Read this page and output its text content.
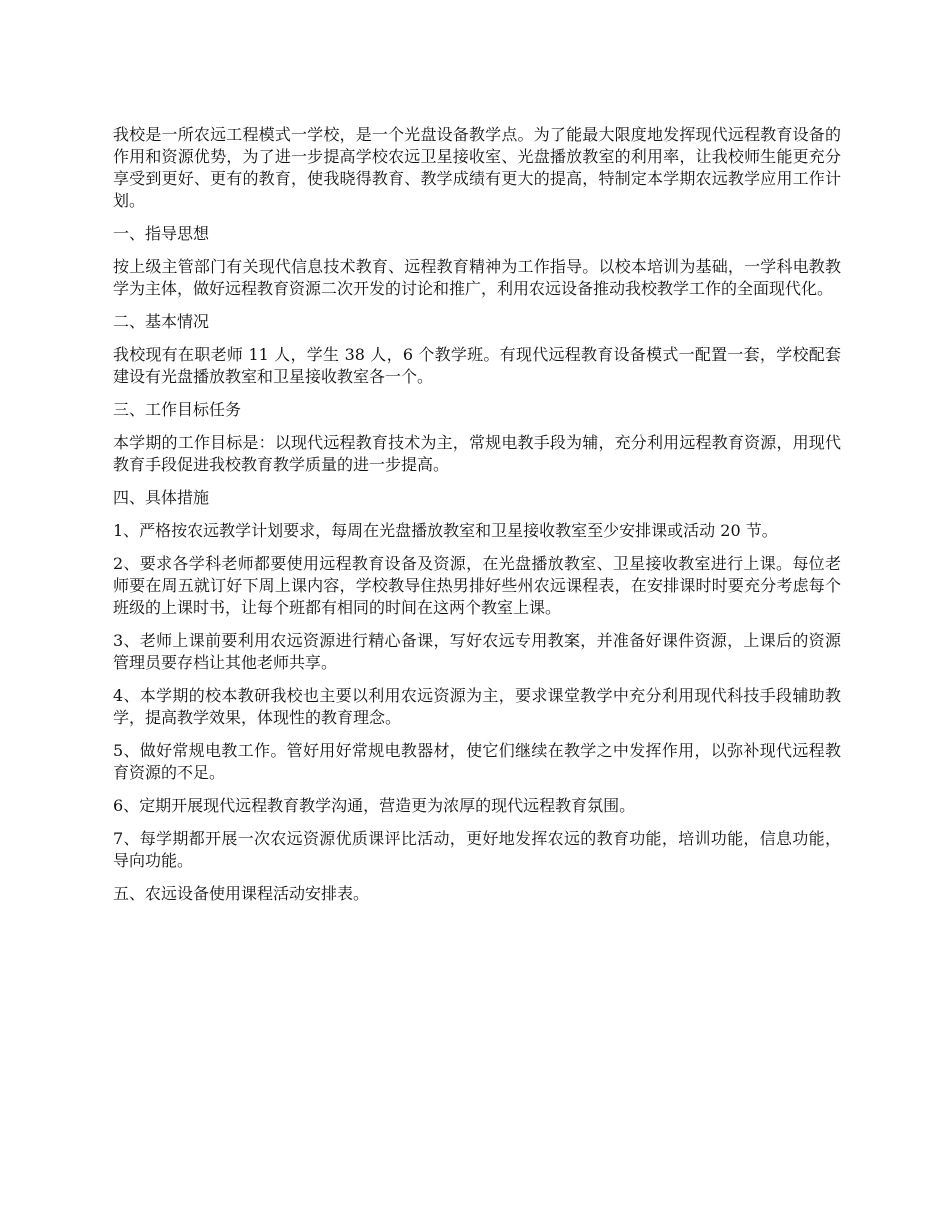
我校是一所农远工程模式一学校，是一个光盘设备教学点。为了能最大限度地发挥现代远程教育设备的作用和资源优势，为了进一步提高学校农远卫星接收室、光盘播放教室的利用率，让我校师生能更充分享受到更好、更有的教育，使我晓得教育、教学成绩有更大的提高，特制定本学期农远教学应用工作计划。

一、指导思想

按上级主管部门有关现代信息技术教育、远程教育精神为工作指导。以校本培训为基础，一学科电教教学为主体，做好远程教育资源二次开发的讨论和推广，利用农远设备推动我校教学工作的全面现代化。

二、基本情况

我校现有在职老师 11 人，学生 38 人，6 个教学班。有现代远程教育设备模式一配置一套，学校配套建设有光盘播放教室和卫星接收教室各一个。

三、工作目标任务

本学期的工作目标是：以现代远程教育技术为主，常规电教手段为辅，充分利用远程教育资源，用现代教育手段促进我校教育教学质量的进一步提高。

四、具体措施

1、严格按农远教学计划要求，每周在光盘播放教室和卫星接收教室至少安排课或活动 20 节。

2、要求各学科老师都要使用远程教育设备及资源，在光盘播放教室、卫星接收教室进行上课。每位老师要在周五就订好下周上课内容，学校教导住热男排好些州农远课程表，在安排课时时要充分考虑每个班级的上课时书，让每个班都有相同的时间在这两个教室上课。

3、老师上课前要利用农远资源进行精心备课，写好农远专用教案，并准备好课件资源，上课后的资源管理员要存档让其他老师共享。

4、本学期的校本教研我校也主要以利用农远资源为主，要求课堂教学中充分利用现代科技手段辅助教学，提高教学效果，体现性的教育理念。

5、做好常规电教工作。管好用好常规电教器材，使它们继续在教学之中发挥作用，以弥补现代远程教育资源的不足。

6、定期开展现代远程教育教学沟通，营造更为浓厚的现代远程教育氛围。

7、每学期都开展一次农远资源优质课评比活动，更好地发挥农远的教育功能，培训功能，信息功能，导向功能。

五、农远设备使用课程活动安排表。
